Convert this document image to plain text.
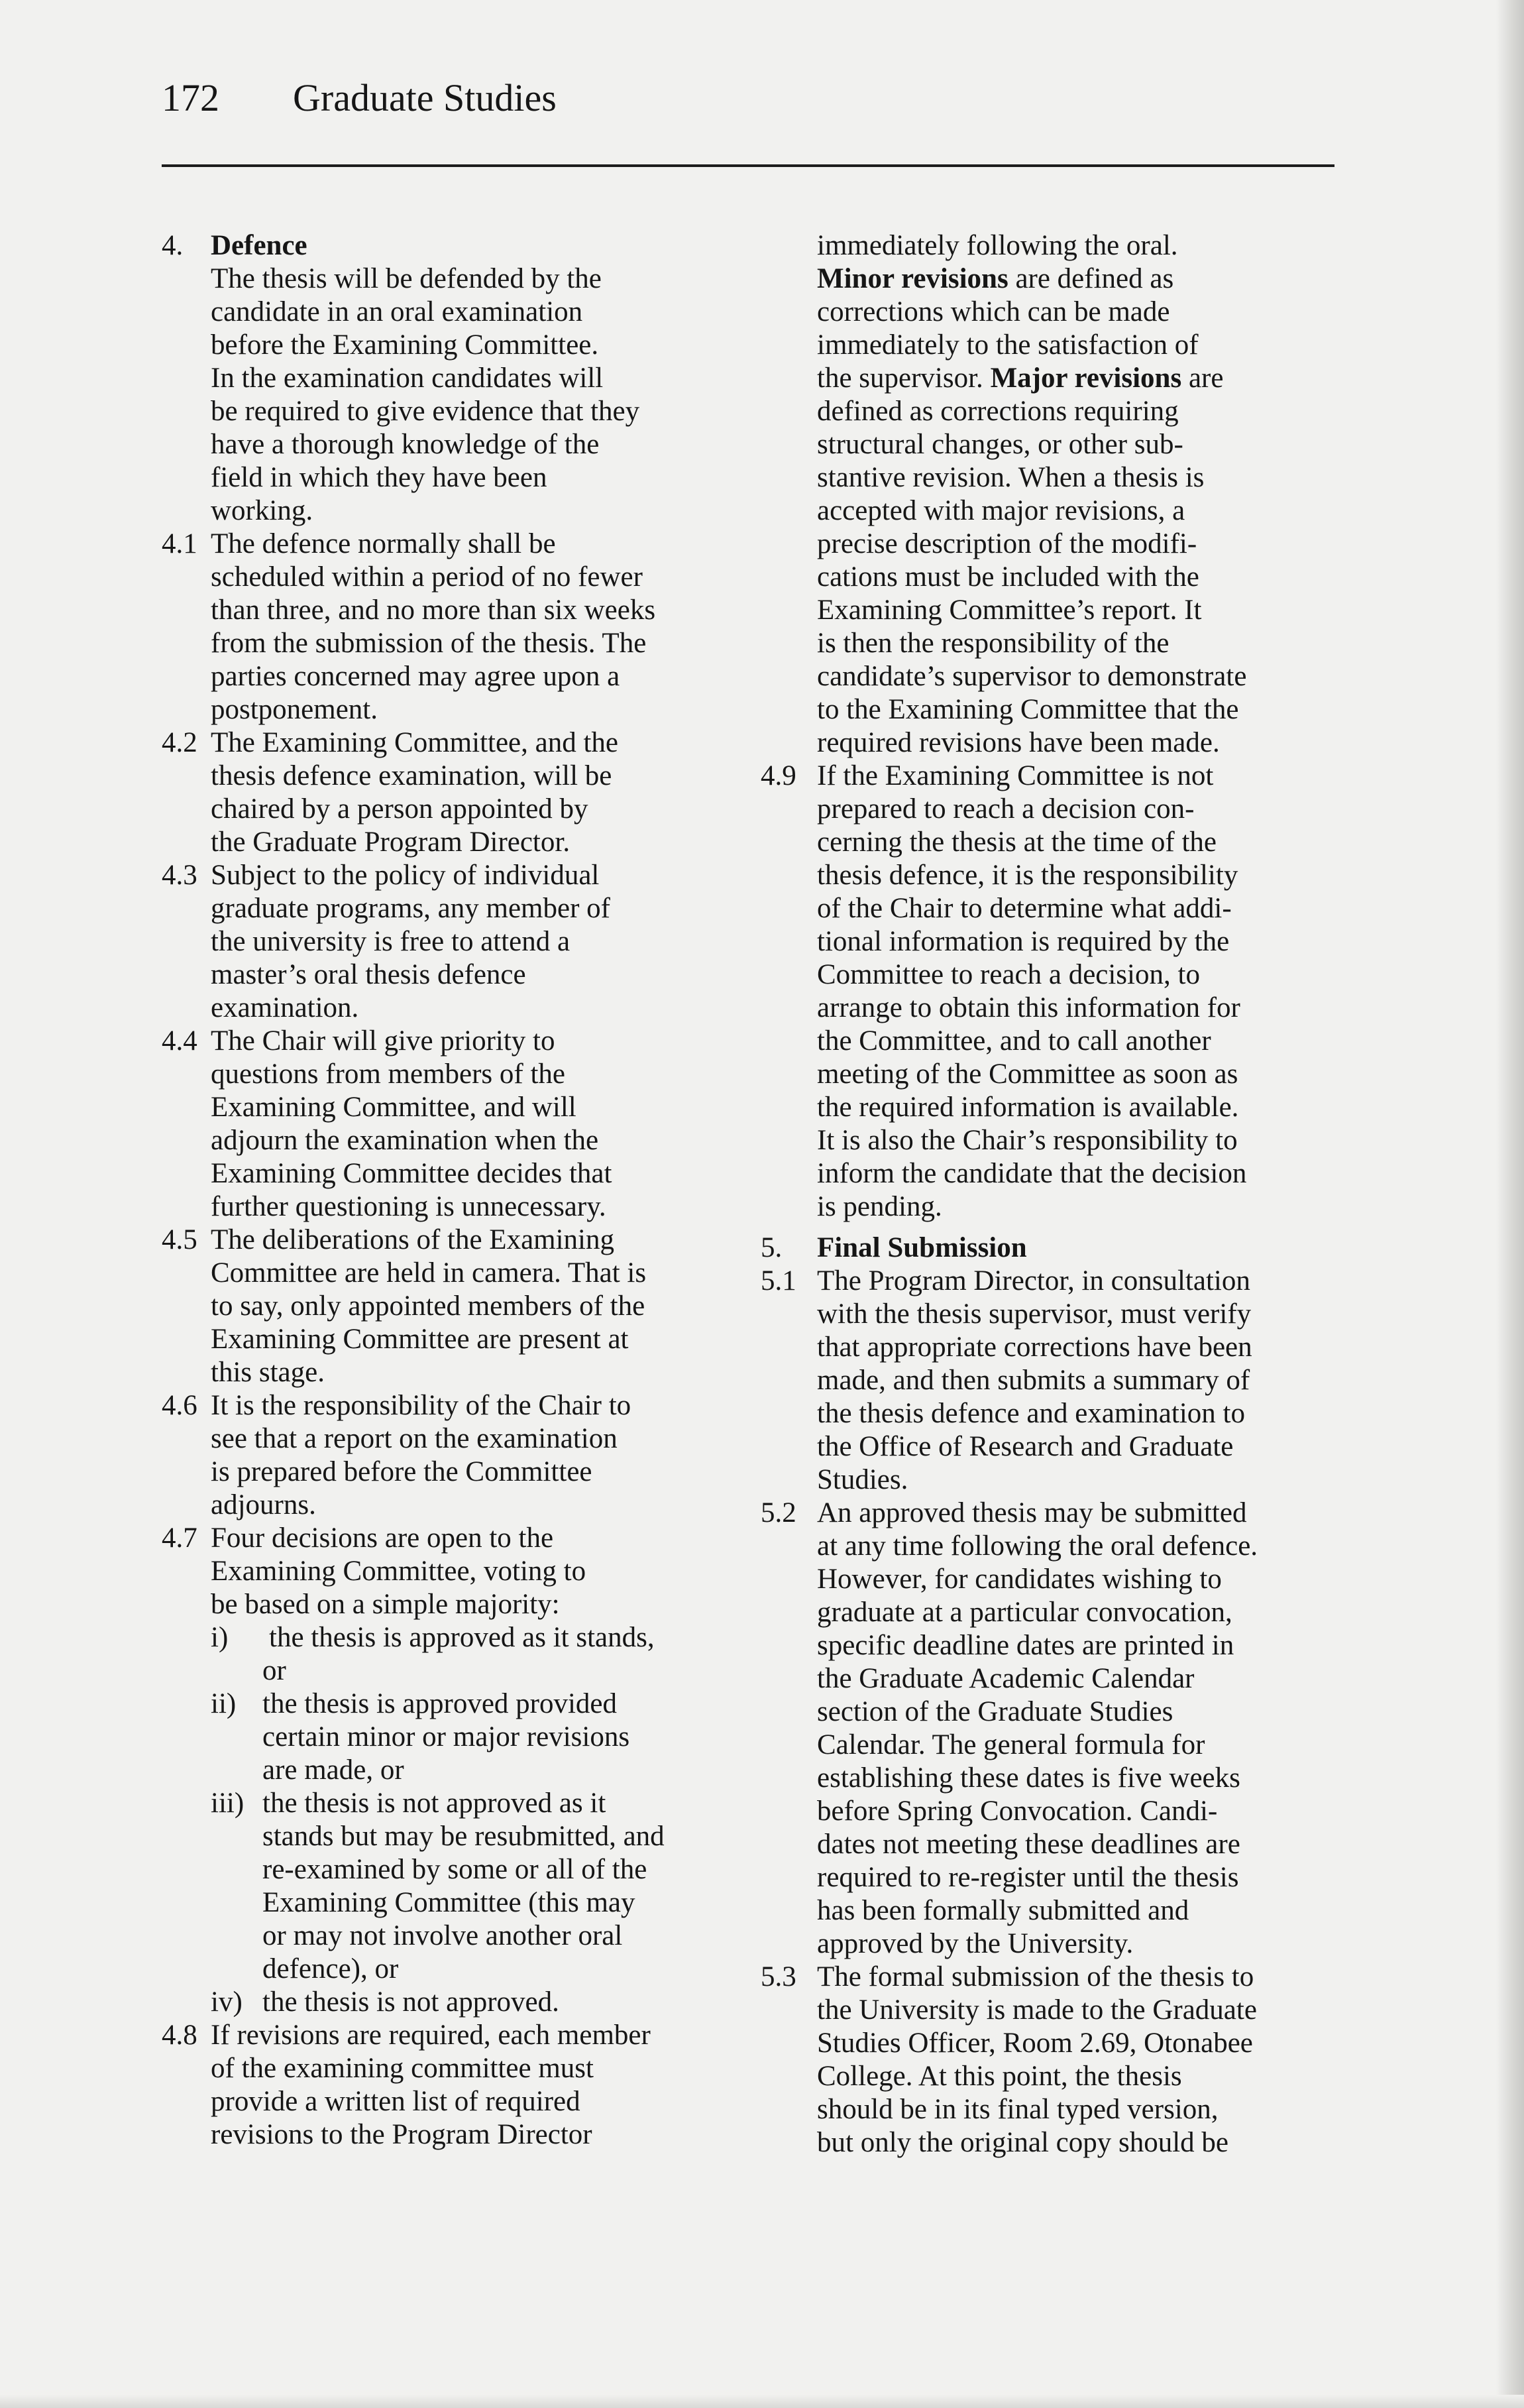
172 Graduate Studies
4. Defence
The thesis will be defended by the
candidate in an oral examination
before the Examining Committee.
In the examination candidates will
be required to give evidence that they
have a thorough knowledge of the
field in which they have been
working.
4.1 The defence normally shall be
scheduled within a period of no fewer
than three, and no more than six weeks
from the submission of the thesis. The
parties concerned may agree upon a
postponement.
4.2 The Examining Committee, and the
thesis defence examination, will be
chaired by a person appointed by
the Graduate Program Director.
4.3 Subject to the policy of individual
graduate programs, any member of
the university is free to attend a
master’s oral thesis defence
examination.
4.4 The Chair will give priority to
questions from members of the
Examining Committee, and will
adjourn the examination when the
Examining Committee decides that
further questioning is unnecessary.
4.5 The deliberations of the Examining
Committee are held in camera. That is
to say, only appointed members of the
Examining Committee are present at
this stage.
4.6 It is the responsibility of the Chair to
see that a report on the examination
is prepared before the Committee
adjourns.
4.7 Four decisions are open to the
Examining Committee, voting to
be based on a simple majority:
i) the thesis is approved as it stands,
or
ii) the thesis is approved provided
certain minor or major revisions
are made, or
iii) the thesis is not approved as it
stands but may be resubmitted, and
re-examined by some or all of the
Examining Committee (this may
or may not involve another oral
defence), or
iv) the thesis is not approved.
4.8 If revisions are required, each member
of the examining committee must
provide a written list of required
revisions to the Program Director
immediately following the oral.
Minor revisions are defined as
corrections which can be made
immediately to the satisfaction of
the supervisor. Major revisions are
defined as corrections requiring
structural changes, or other sub-
stantive revision. When a thesis is
accepted with major revisions, a
precise description of the modifi-
cations must be included with the
Examining Committee’s report. It
is then the responsibility of the
candidate’s supervisor to demonstrate
to the Examining Committee that the
required revisions have been made.
4.9 If the Examining Committee is not
prepared to reach a decision con-
cerning the thesis at the time of the
thesis defence, it is the responsibility
of the Chair to determine what addi-
tional information is required by the
Committee to reach a decision, to
arrange to obtain this information for
the Committee, and to call another
meeting of the Committee as soon as
the required information is available.
It is also the Chair’s responsibility to
inform the candidate that the decision
is pending.
5. Final Submission
5.1 The Program Director, in consultation
with the thesis supervisor, must verify
that appropriate corrections have been
made, and then submits a summary of
the thesis defence and examination to
the Office of Research and Graduate
Studies.
5.2 An approved thesis may be submitted
at any time following the oral defence.
However, for candidates wishing to
graduate at a particular convocation,
specific deadline dates are printed in
the Graduate Academic Calendar
section of the Graduate Studies
Calendar. The general formula for
establishing these dates is five weeks
before Spring Convocation. Candi-
dates not meeting these deadlines are
required to re-register until the thesis
has been formally submitted and
approved by the University.
5.3 The formal submission of the thesis to
the University is made to the Graduate
Studies Officer, Room 2.69, Otonabee
College. At this point, the thesis
should be in its final typed version,
but only the original copy should be
